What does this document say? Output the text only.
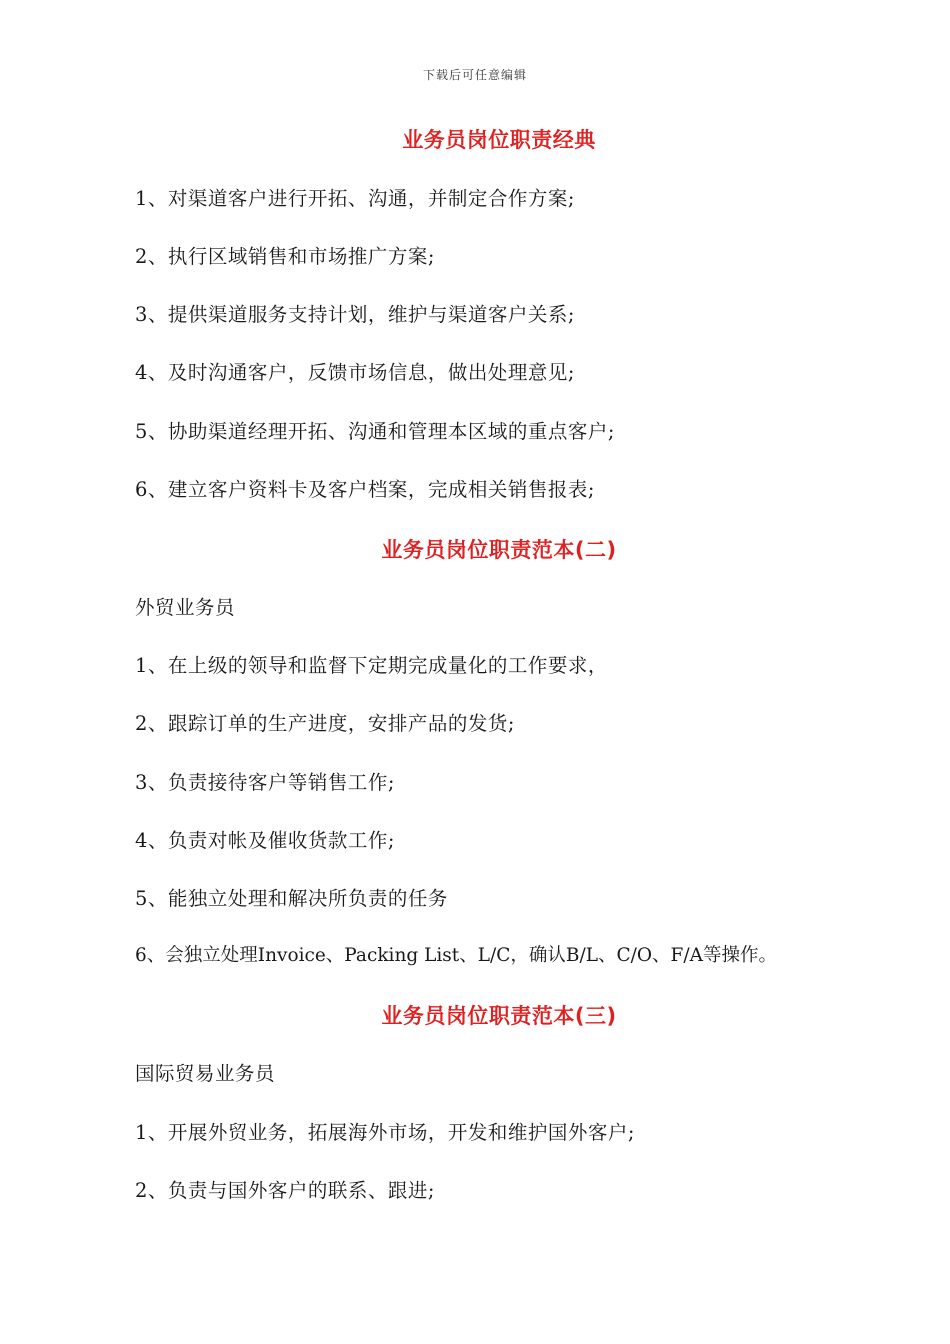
下载后可任意编辑
业务员岗位职责经典
1、对渠道客户进行开拓、沟通，并制定合作方案;
2、执行区域销售和市场推广方案;
3、提供渠道服务支持计划，维护与渠道客户关系;
4、及时沟通客户，反馈市场信息，做出处理意见;
5、协助渠道经理开拓、沟通和管理本区域的重点客户;
6、建立客户资料卡及客户档案，完成相关销售报表;
业务员岗位职责范本(二)
外贸业务员
1、在上级的领导和监督下定期完成量化的工作要求，
2、跟踪订单的生产进度，安排产品的发货;
3、负责接待客户等销售工作;
4、负责对帐及催收货款工作;
5、能独立处理和解决所负责的任务
6、会独立处理Invoice、Packing List、L/C，确认B/L、C/O、F/A等操作。
业务员岗位职责范本(三)
国际贸易业务员
1、开展外贸业务，拓展海外市场，开发和维护国外客户;
2、负责与国外客户的联系、跟进;
